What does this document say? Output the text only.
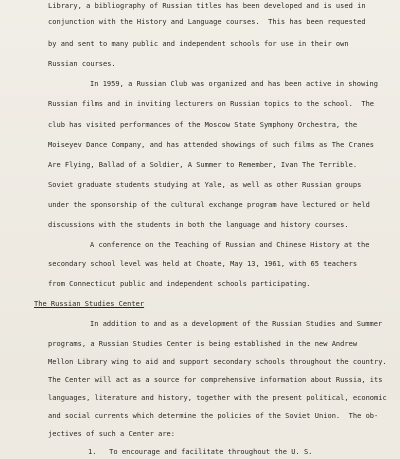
Library, a bibliography of Russian titles has been developed and is used in
conjunction with the History and Language courses.  This has been requested
by and sent to many public and independent schools for use in their own
Russian courses.
In 1959, a Russian Club was organized and has been active in showing
Russian films and in inviting lecturers on Russian topics to the school.  The
club has visited performances of the Moscow State Symphony Orchestra, the
Moiseyev Dance Company, and has attended showings of such films as The Cranes
Are Flying, Ballad of a Soldier, A Summer to Remember, Ivan The Terrible.
Soviet graduate students studying at Yale, as well as other Russian groups
under the sponsorship of the cultural exchange program have lectured or held
discussions with the students in both the language and history courses.
A conference on the Teaching of Russian and Chinese History at the
secondary school level was held at Choate, May 13, 1961, with 65 teachers
from Connecticut public and independent schools participating.
The Russian Studies Center
In addition to and as a development of the Russian Studies and Summer
programs, a Russian Studies Center is being established in the new Andrew
Mellon Library wing to aid and support secondary schools throughout the country.
The Center will act as a source for comprehensive information about Russia, its
languages, literature and history, together with the present political, economic
and social currents which determine the policies of the Soviet Union.  The ob-
jectives of such a Center are:
1.   To encourage and facilitate throughout the U. S.
